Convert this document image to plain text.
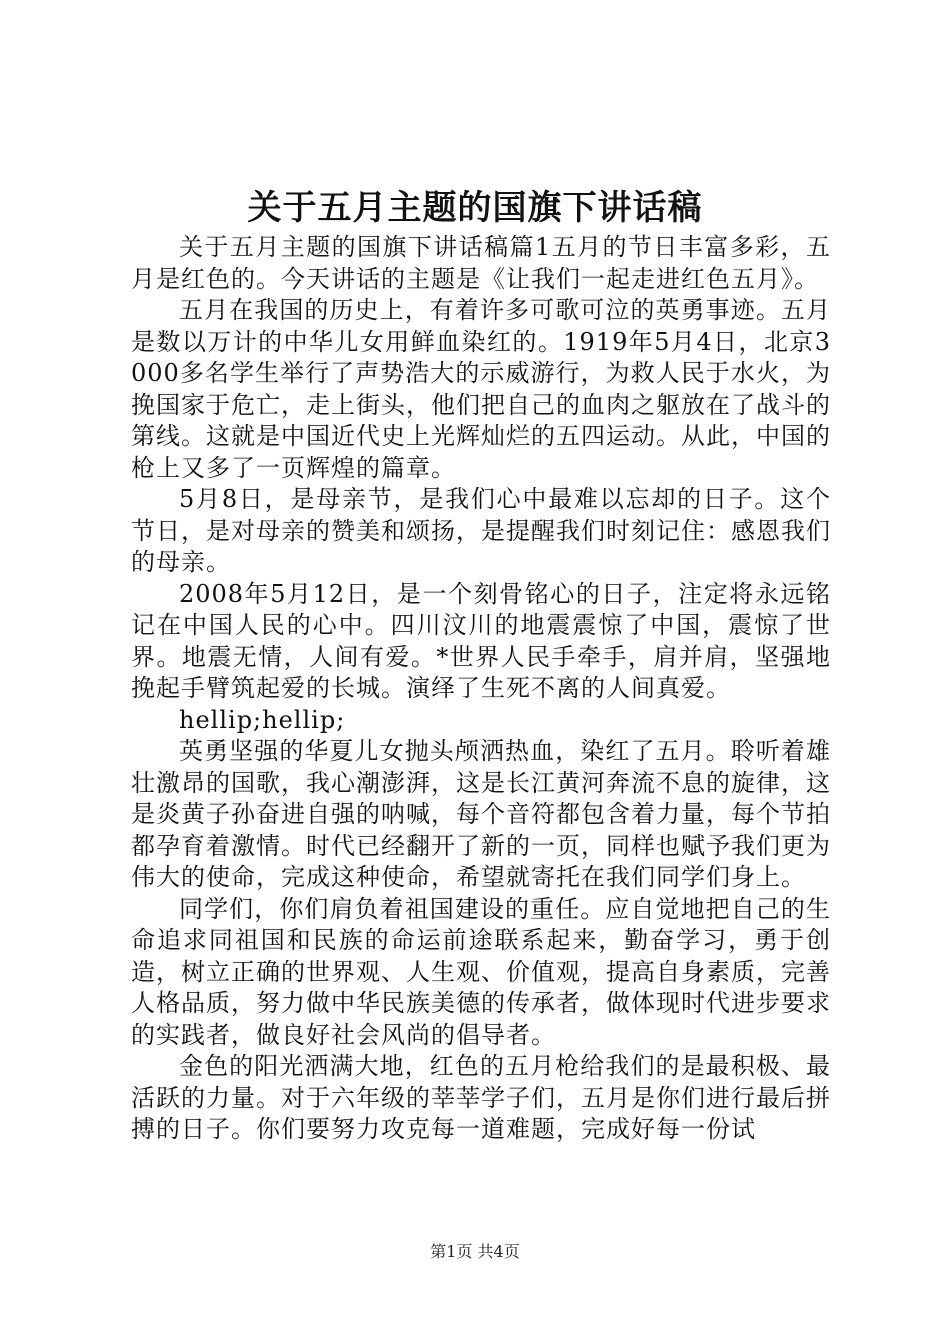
关于五月主题的国旗下讲话稿

关于五月主题的国旗下讲话稿篇1五月的节日丰富多彩，五月是红色的。今天讲话的主题是《让我们一起走进红色五月》。

五月在我国的历史上，有着许多可歌可泣的英勇事迹。五月是数以万计的中华儿女用鲜血染红的。1919年5月4日，北京3000多名学生举行了声势浩大的示威游行，为救人民于水火，为挽国家于危亡，走上街头，他们把自己的血肉之躯放在了战斗的第线。这就是中国近代史上光辉灿烂的五四运动。从此，中国的枪上又多了一页辉煌的篇章。

5月8日，是母亲节，是我们心中最难以忘却的日子。这个节日，是对母亲的赞美和颂扬，是提醒我们时刻记住：感恩我们的母亲。

2008年5月12日，是一个刻骨铭心的日子，注定将永远铭记在中国人民的心中。四川汶川的地震震惊了中国，震惊了世界。地震无情，人间有爱。*世界人民手牵手，肩并肩，坚强地挽起手臂筑起爱的长城。演绎了生死不离的人间真爱。

hellip;hellip;

英勇坚强的华夏儿女抛头颅洒热血，染红了五月。聆听着雄壮激昂的国歌，我心潮澎湃，这是长江黄河奔流不息的旋律，这是炎黄子孙奋进自强的呐喊，每个音符都包含着力量，每个节拍都孕育着激情。时代已经翻开了新的一页，同样也赋予我们更为伟大的使命，完成这种使命，希望就寄托在我们同学们身上。

同学们，你们肩负着祖国建设的重任。应自觉地把自己的生命追求同祖国和民族的命运前途联系起来，勤奋学习，勇于创造，树立正确的世界观、人生观、价值观，提高自身素质，完善人格品质，努力做中华民族美德的传承者，做体现时代进步要求的实践者，做良好社会风尚的倡导者。

金色的阳光洒满大地，红色的五月枪给我们的是最积极、最活跃的力量。对于六年级的莘莘学子们，五月是你们进行最后拼搏的日子。你们要努力攻克每一道难题，完成好每一份试

第1页 共4页
